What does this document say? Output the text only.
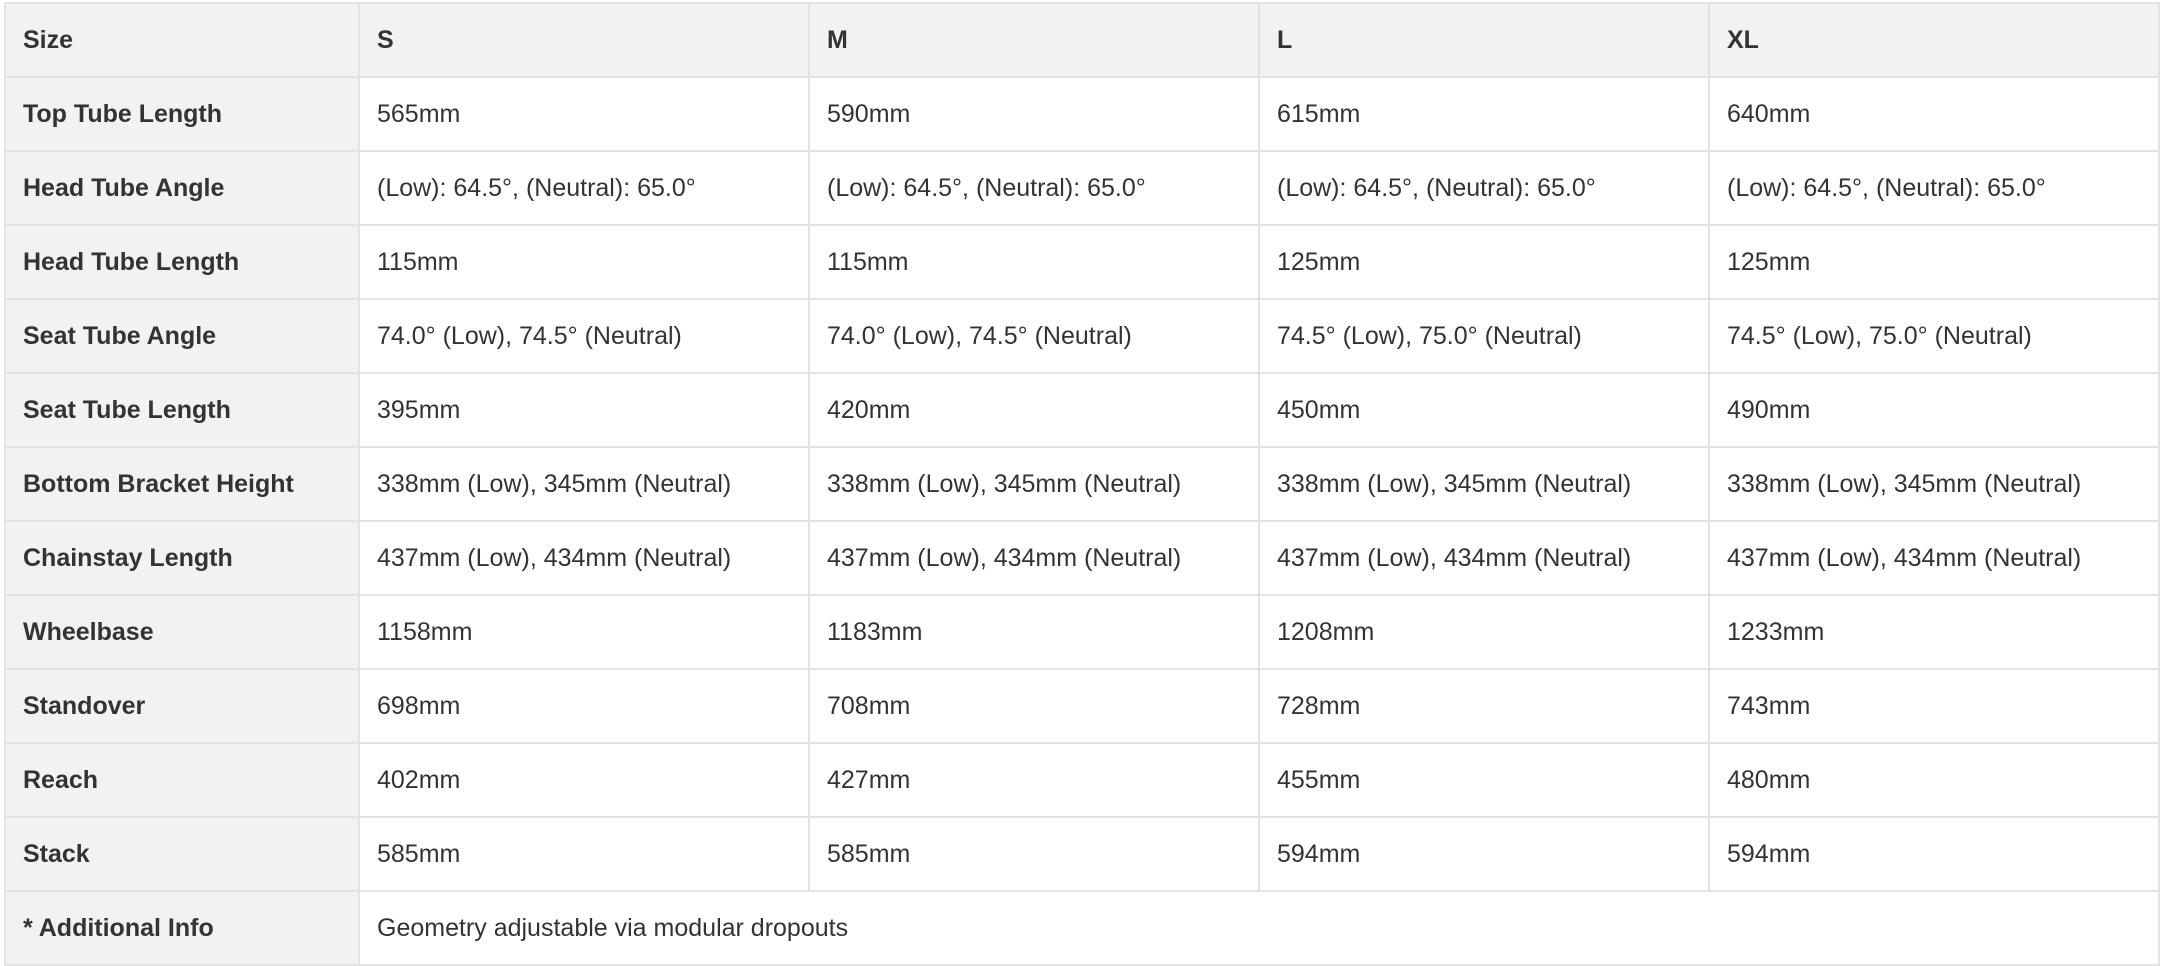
Size	S	M	L	XL
Top Tube Length	565mm	590mm	615mm	640mm
Head Tube Angle	(Low): 64.5°, (Neutral): 65.0°	(Low): 64.5°, (Neutral): 65.0°	(Low): 64.5°, (Neutral): 65.0°	(Low): 64.5°, (Neutral): 65.0°
Head Tube Length	115mm	115mm	125mm	125mm
Seat Tube Angle	74.0° (Low), 74.5° (Neutral)	74.0° (Low), 74.5° (Neutral)	74.5° (Low), 75.0° (Neutral)	74.5° (Low), 75.0° (Neutral)
Seat Tube Length	395mm	420mm	450mm	490mm
Bottom Bracket Height	338mm (Low), 345mm (Neutral)	338mm (Low), 345mm (Neutral)	338mm (Low), 345mm (Neutral)	338mm (Low), 345mm (Neutral)
Chainstay Length	437mm (Low), 434mm (Neutral)	437mm (Low), 434mm (Neutral)	437mm (Low), 434mm (Neutral)	437mm (Low), 434mm (Neutral)
Wheelbase	1158mm	1183mm	1208mm	1233mm
Standover	698mm	708mm	728mm	743mm
Reach	402mm	427mm	455mm	480mm
Stack	585mm	585mm	594mm	594mm
* Additional Info	Geometry adjustable via modular dropouts			
